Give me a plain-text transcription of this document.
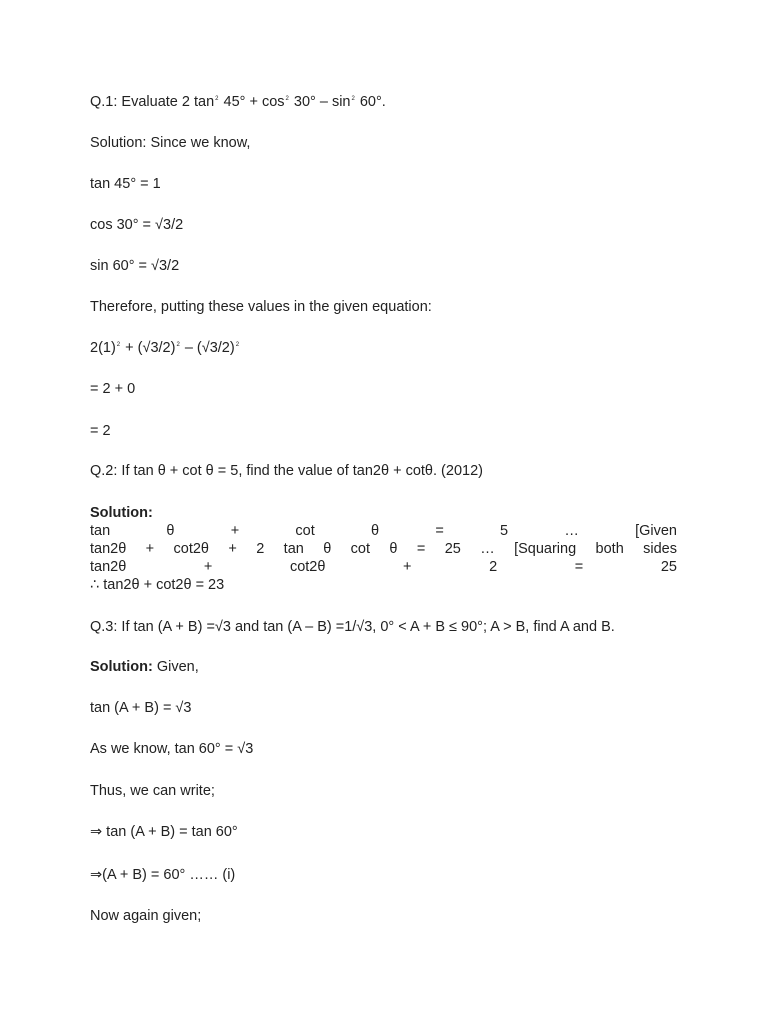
Q.1: Evaluate 2 $\tan^2 45^\circ + \cos^2 30^\circ - \sin^2 60^\circ$.
Solution: Since we know,
tan 45° = 1
cos 30° = √3/2
sin 60° = √3/2
Therefore, putting these values in the given equation:
$2(1)^2 + (√3/2)^2 - (√3/2)^2$
= 2 + 0
= 2
Q.2: If tan θ + cot θ = 5, find the value of tan2θ + cotθ. (2012)
Solution:
tan	θ	+	cot	θ	=	5	…	[Given
tan2θ + cot2θ + 2 tan θ cot θ = 25 … [Squaring both sides
tan2θ	+	cot2θ	+	2	=	25
∴ tan2θ + cot2θ = 23
Q.3: If tan (A + B) =√3 and tan (A – B) =1/√3, 0° < A + B ≤ 90°; A > B, find A and B.
Solution: Given,
tan (A + B) = √3
As we know, tan 60° = √3
Thus, we can write;
⇒ tan (A + B) = tan 60°
⇒(A + B) = 60° …… (i)
Now again given;
